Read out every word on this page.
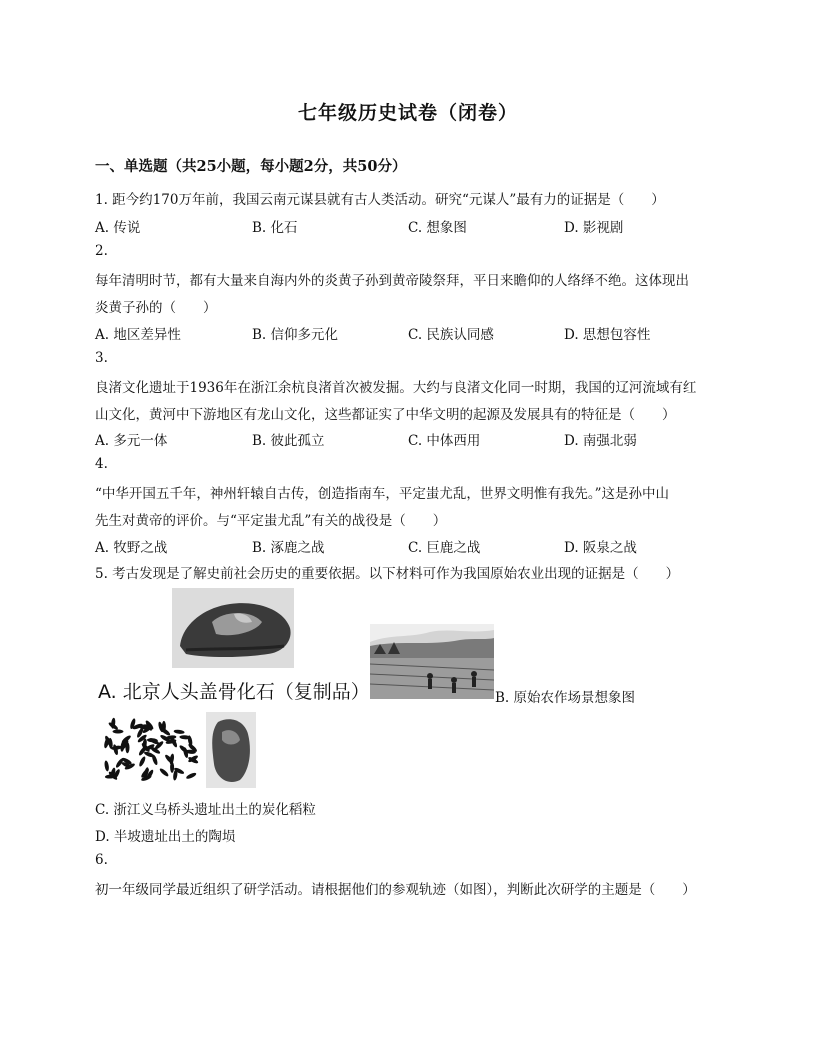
七年级历史试卷（闭卷）
一、单选题（共25小题，每小题2分，共50分）
1. 距今约170万年前，我国云南元谋县就有古人类活动。研究“元谋人”最有力的证据是（　　）
A. 传说	B. 化石	C. 想象图	D. 影视剧
2.
每年清明时节，都有大量来自海内外的炎黄子孙到黄帝陵祭拜，平日来瞻仰的人络绎不绝。这体现出
炎黄子孙的（　　）
A. 地区差异性	B. 信仰多元化	C. 民族认同感	D. 思想包容性
3.
良渚文化遗址于1936年在浙江余杭良渚首次被发掘。大约与良渚文化同一时期，我国的辽河流域有红
山文化，黄河中下游地区有龙山文化，这些都证实了中华文明的起源及发展具有的特征是（　　）
A. 多元一体	B. 彼此孤立	C. 中体西用	D. 南强北弱
4.
“中华开国五千年，神州轩辕自古传，创造指南车，平定蚩尤乱，世界文明惟有我先。”这是孙中山
先生对黄帝的评价。与“平定蚩尤乱”有关的战役是（　　）
A. 牧野之战	B. 涿鹿之战	C. 巨鹿之战	D. 阪泉之战
5. 考古发现是了解史前社会历史的重要依据。以下材料可作为我国原始农业出现的证据是（　　）
A. 北京人头盖骨化石（复制品）	B. 原始农作场景想象图
C. 浙江义乌桥头遗址出土的炭化稻粒
D. 半坡遗址出土的陶埙
6.
初一年级同学最近组织了研学活动。请根据他们的参观轨迹（如图），判断此次研学的主题是（　　）
